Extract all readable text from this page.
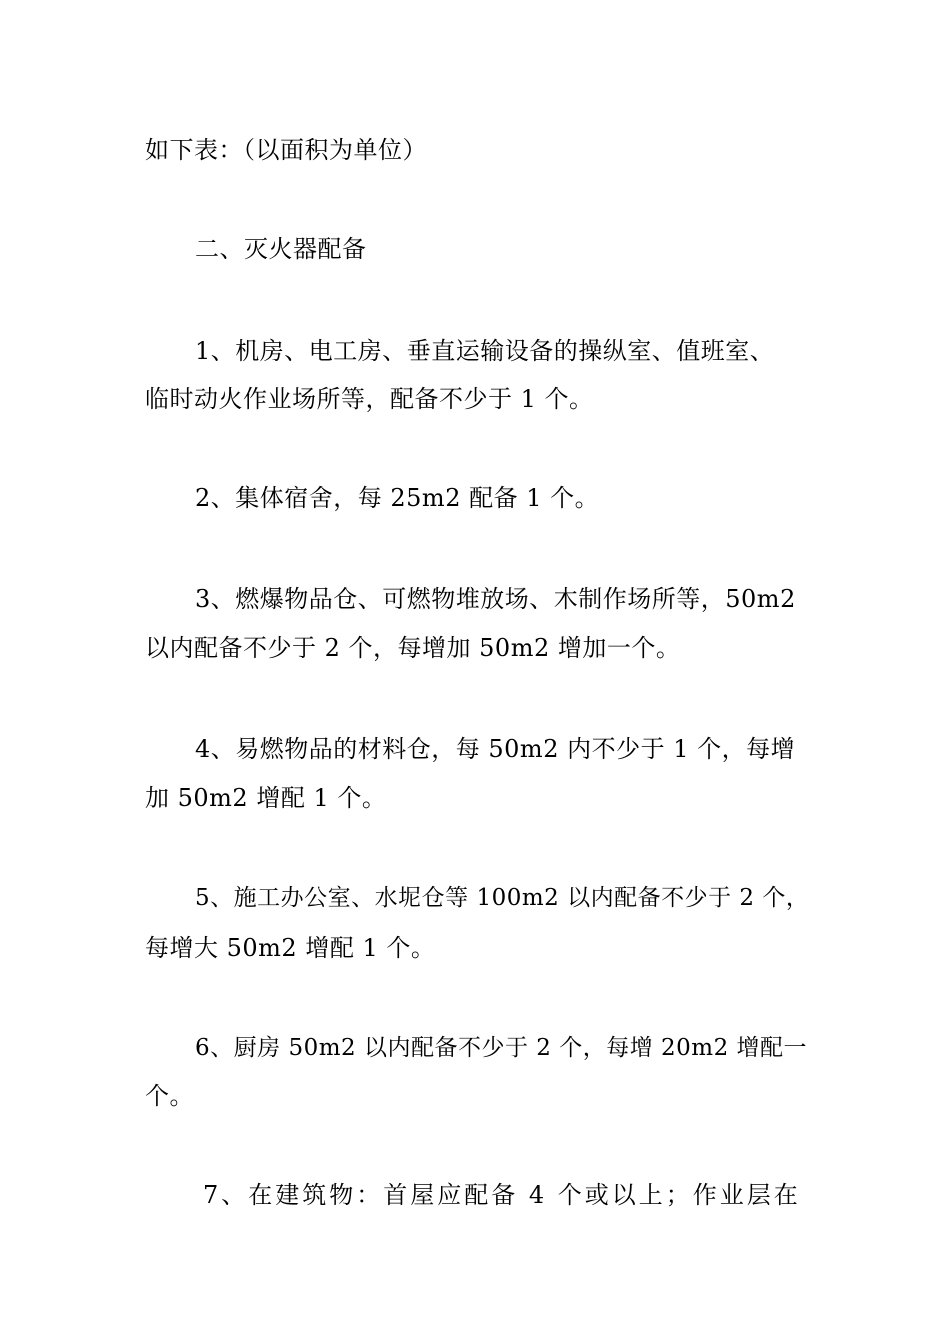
如下表：（以面积为单位）
二、灭火器配备
1、机房、电工房、垂直运输设备的操纵室、值班室、
临时动火作业场所等，配备不少于 1 个。
2、集体宿舍，每 25m2 配备 1 个。
3、燃爆物品仓、可燃物堆放场、木制作场所等，50m2
以内配备不少于 2 个，每增加 50m2 增加一个。
4、易燃物品的材料仓，每 50m2 内不少于 1 个，每增
加 50m2 增配 1 个。
5、施工办公室、水坭仓等 100m2 以内配备不少于 2 个，
每增大 50m2 增配 1 个。
6、厨房 50m2 以内配备不少于 2 个，每增 20m2 增配一
个。
7、在建筑物：首屋应配备 4 个或以上；作业层在
